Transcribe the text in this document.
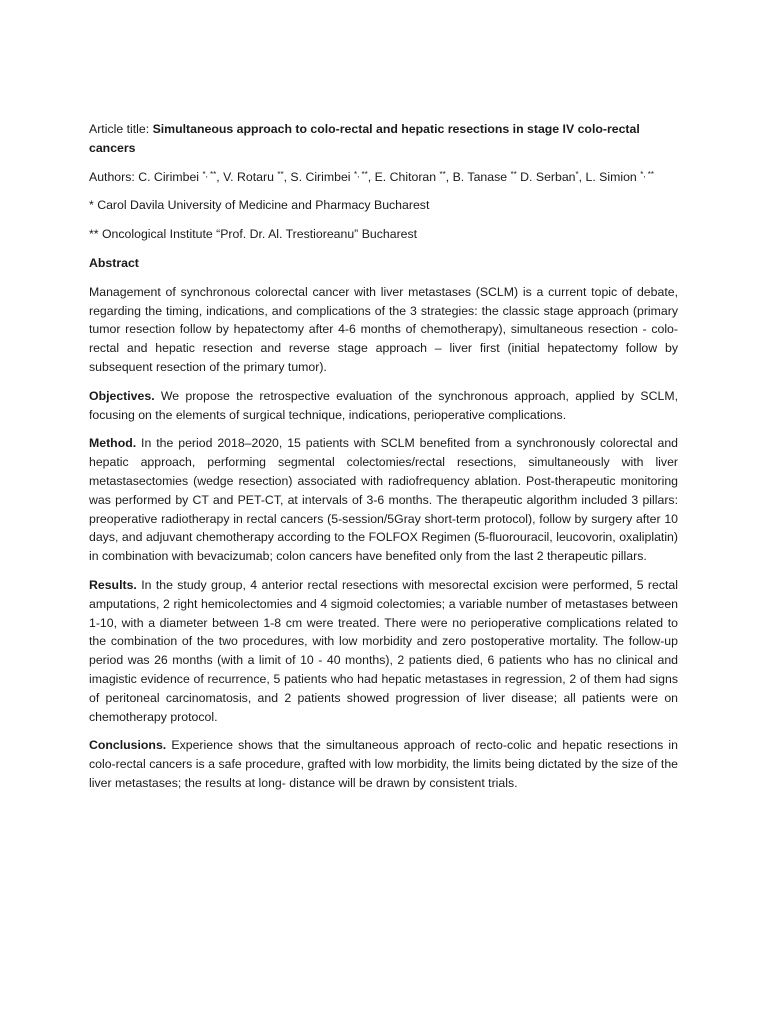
Article title: Simultaneous approach to colo-rectal and hepatic resections in stage IV colo-rectal cancers

Authors: C. Cirimbei *, **, V. Rotaru **, S. Cirimbei *, **, E. Chitoran **, B. Tanase ** D. Serban*, L. Simion *, **

* Carol Davila University of Medicine and Pharmacy Bucharest

** Oncological Institute “Prof. Dr. Al. Trestioreanu” Bucharest

Abstract

Management of synchronous colorectal cancer with liver metastases (SCLM) is a current topic of debate, regarding the timing, indications, and complications of the 3 strategies: the classic stage approach (primary tumor resection follow by hepatectomy after 4-6 months of chemotherapy), simultaneous resection - colo-rectal and hepatic resection and reverse stage approach – liver first (initial hepatectomy follow by subsequent resection of the primary tumor).

Objectives. We propose the retrospective evaluation of the synchronous approach, applied by SCLM, focusing on the elements of surgical technique, indications, perioperative complications.

Method. In the period 2018–2020, 15 patients with SCLM benefited from a synchronously colorectal and hepatic approach, performing segmental colectomies/rectal resections, simultaneously with liver metastasectomies (wedge resection) associated with radiofrequency ablation. Post-therapeutic monitoring was performed by CT and PET-CT, at intervals of 3-6 months. The therapeutic algorithm included 3 pillars: preoperative radiotherapy in rectal cancers (5-session/5Gray short-term protocol), follow by surgery after 10 days, and adjuvant chemotherapy according to the FOLFOX Regimen (5-fluorouracil, leucovorin, oxaliplatin) in combination with bevacizumab; colon cancers have benefited only from the last 2 therapeutic pillars.

Results. In the study group, 4 anterior rectal resections with mesorectal excision were performed, 5 rectal amputations, 2 right hemicolectomies and 4 sigmoid colectomies; a variable number of metastases between 1-10, with a diameter between 1-8 cm were treated. There were no perioperative complications related to the combination of the two procedures, with low morbidity and zero postoperative mortality. The follow-up period was 26 months (with a limit of 10 - 40 months), 2 patients died, 6 patients who has no clinical and imagistic evidence of recurrence, 5 patients who had hepatic metastases in regression, 2 of them had signs of peritoneal carcinomatosis, and 2 patients showed progression of liver disease; all patients were on chemotherapy protocol.

Conclusions. Experience shows that the simultaneous approach of recto-colic and hepatic resections in colo-rectal cancers is a safe procedure, grafted with low morbidity, the limits being dictated by the size of the liver metastases; the results at long- distance will be drawn by consistent trials.
